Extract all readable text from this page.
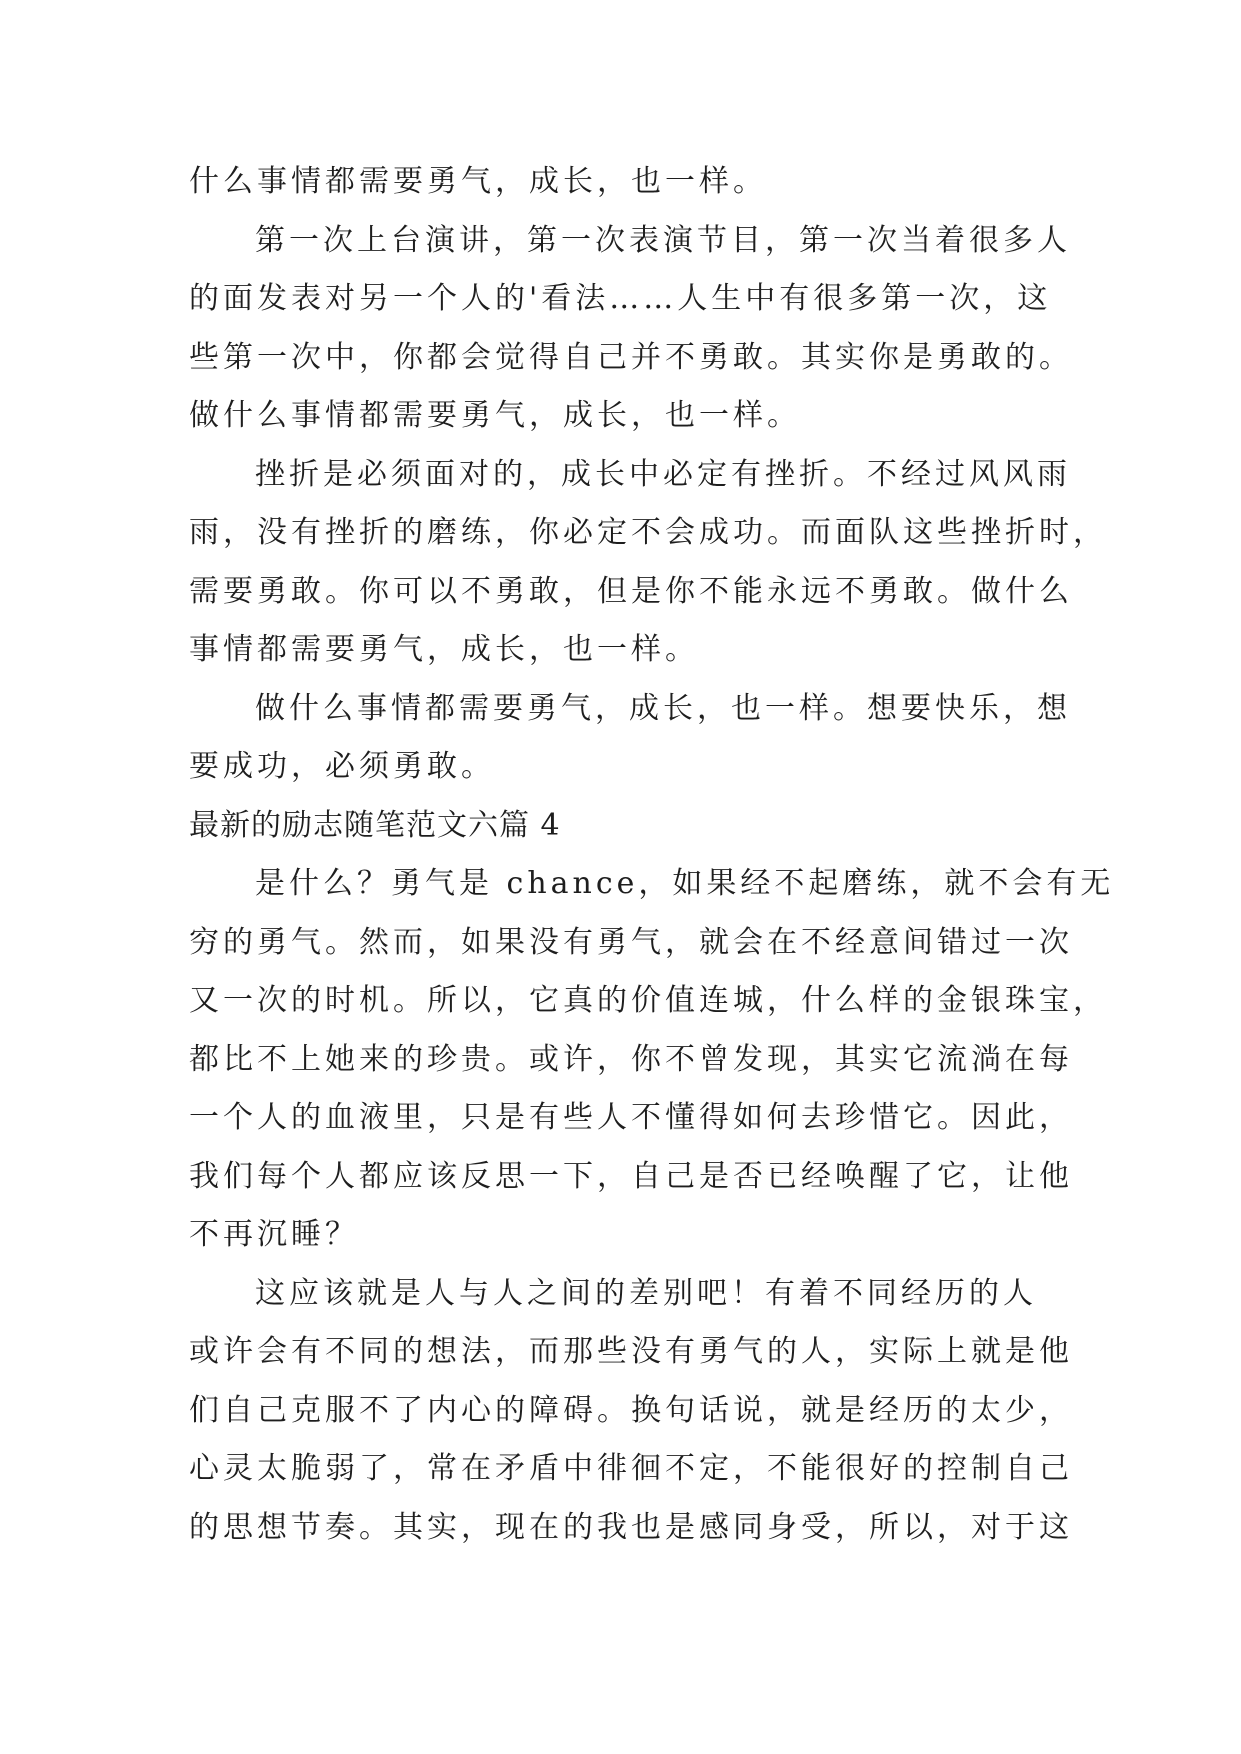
什么事情都需要勇气，成长，也一样。
第一次上台演讲，第一次表演节目，第一次当着很多人
的面发表对另一个人的'看法……人生中有很多第一次，这
些第一次中，你都会觉得自己并不勇敢。其实你是勇敢的。
做什么事情都需要勇气，成长，也一样。
挫折是必须面对的，成长中必定有挫折。不经过风风雨
雨，没有挫折的磨练，你必定不会成功。而面队这些挫折时，
需要勇敢。你可以不勇敢，但是你不能永远不勇敢。做什么
事情都需要勇气，成长，也一样。
做什么事情都需要勇气，成长，也一样。想要快乐，想
要成功，必须勇敢。
最新的励志随笔范文六篇 4
是什么？勇气是 chance，如果经不起磨练，就不会有无
穷的勇气。然而，如果没有勇气，就会在不经意间错过一次
又一次的时机。所以，它真的价值连城，什么样的金银珠宝，
都比不上她来的珍贵。或许，你不曾发现，其实它流淌在每
一个人的血液里，只是有些人不懂得如何去珍惜它。因此，
我们每个人都应该反思一下，自己是否已经唤醒了它，让他
不再沉睡？
这应该就是人与人之间的差别吧！有着不同经历的人
或许会有不同的想法，而那些没有勇气的人，实际上就是他
们自己克服不了内心的障碍。换句话说，就是经历的太少，
心灵太脆弱了，常在矛盾中徘徊不定，不能很好的控制自己
的思想节奏。其实，现在的我也是感同身受，所以，对于这
